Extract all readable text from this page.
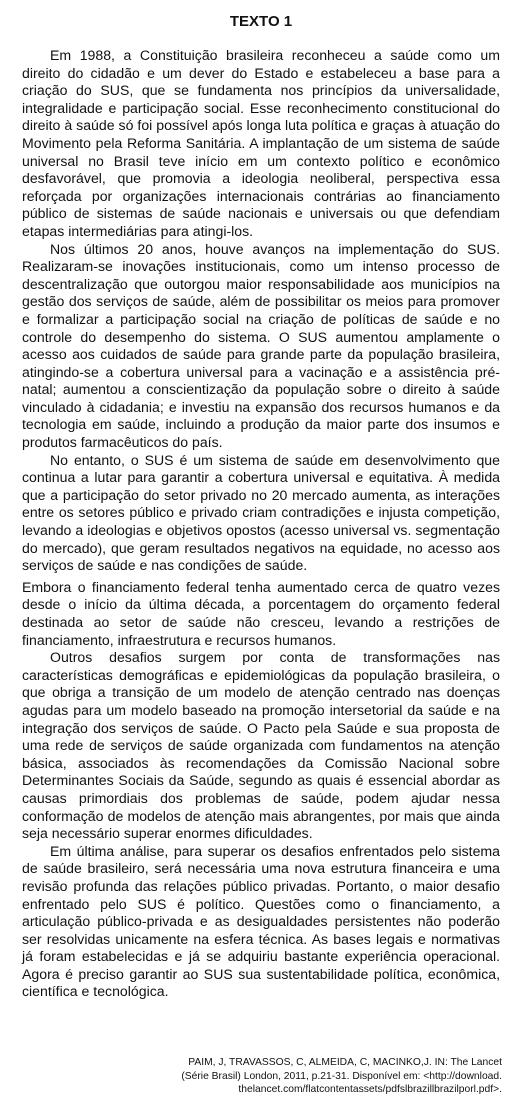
TEXTO 1

Em 1988, a Constituição brasileira reconheceu a saúde como um direito do cidadão e um dever do Estado e estabeleceu a base para a criação do SUS, que se fundamenta nos princípios da universalidade, integralidade e participação social. Esse reconhecimento constitucional do direito à saúde só foi possível após longa luta política e graças à atuação do Movimento pela Reforma Sanitária. A implantação de um sistema de saúde universal no Brasil teve início em um contexto político e econômico desfavorável, que promovia a ideologia neoliberal, perspectiva essa reforçada por organizações internacionais contrárias ao financiamento público de sistemas de saúde nacionais e universais ou que defendiam etapas intermediárias para atingi-los.

Nos últimos 20 anos, houve avanços na implementação do SUS. Realizaram-se inovações institucionais, como um intenso processo de descentralização que outorgou maior responsabilidade aos municípios na gestão dos serviços de saúde, além de possibilitar os meios para promover e formalizar a participação social na criação de políticas de saúde e no controle do desempenho do sistema. O SUS aumentou amplamente o acesso aos cuidados de saúde para grande parte da população brasileira, atingindo-se a cobertura universal para a vacinação e a assistência pré-natal; aumentou a conscientização da população sobre o direito à saúde vinculado à cidadania; e investiu na expansão dos recursos humanos e da tecnologia em saúde, incluindo a produção da maior parte dos insumos e produtos farmacêuticos do país.

No entanto, o SUS é um sistema de saúde em desenvolvimento que continua a lutar para garantir a cobertura universal e equitativa. À medida que a participação do setor privado no 20 mercado aumenta, as interações entre os setores público e privado criam contradições e injusta competição, levando a ideologias e objetivos opostos (acesso universal vs. segmentação do mercado), que geram resultados negativos na equidade, no acesso aos serviços de saúde e nas condições de saúde.

Embora o financiamento federal tenha aumentado cerca de quatro vezes desde o início da última década, a porcentagem do orçamento federal destinada ao setor de saúde não cresceu, levando a restrições de financiamento, infraestrutura e recursos humanos.

Outros desafios surgem por conta de transformações nas características demográficas e epidemiológicas da população brasileira, o que obriga a transição de um modelo de atenção centrado nas doenças agudas para um modelo baseado na promoção intersetorial da saúde e na integração dos serviços de saúde. O Pacto pela Saúde e sua proposta de uma rede de serviços de saúde organizada com fundamentos na atenção básica, associados às recomendações da Comissão Nacional sobre Determinantes Sociais da Saúde, segundo as quais é essencial abordar as causas primordiais dos problemas de saúde, podem ajudar nessa conformação de modelos de atenção mais abrangentes, por mais que ainda seja necessário superar enormes dificuldades.

Em última análise, para superar os desafios enfrentados pelo sistema de saúde brasileiro, será necessária uma nova estrutura financeira e uma revisão profunda das relações público privadas. Portanto, o maior desafio enfrentado pelo SUS é político. Questões como o financiamento, a articulação público-privada e as desigualdades persistentes não poderão ser resolvidas unicamente na esfera técnica. As bases legais e normativas já foram estabelecidas e já se adquiriu bastante experiência operacional. Agora é preciso garantir ao SUS sua sustentabilidade política, econômica, científica e tecnológica.

PAIM, J, TRAVASSOS, C, ALMEIDA, C, MACINKO,J. IN: The Lancet
(Série Brasil) London, 2011, p.21-31. Disponível em: <http://download.
thelancet.com/flatcontentassets/pdfslbrazillbrazilporl.pdf>.
